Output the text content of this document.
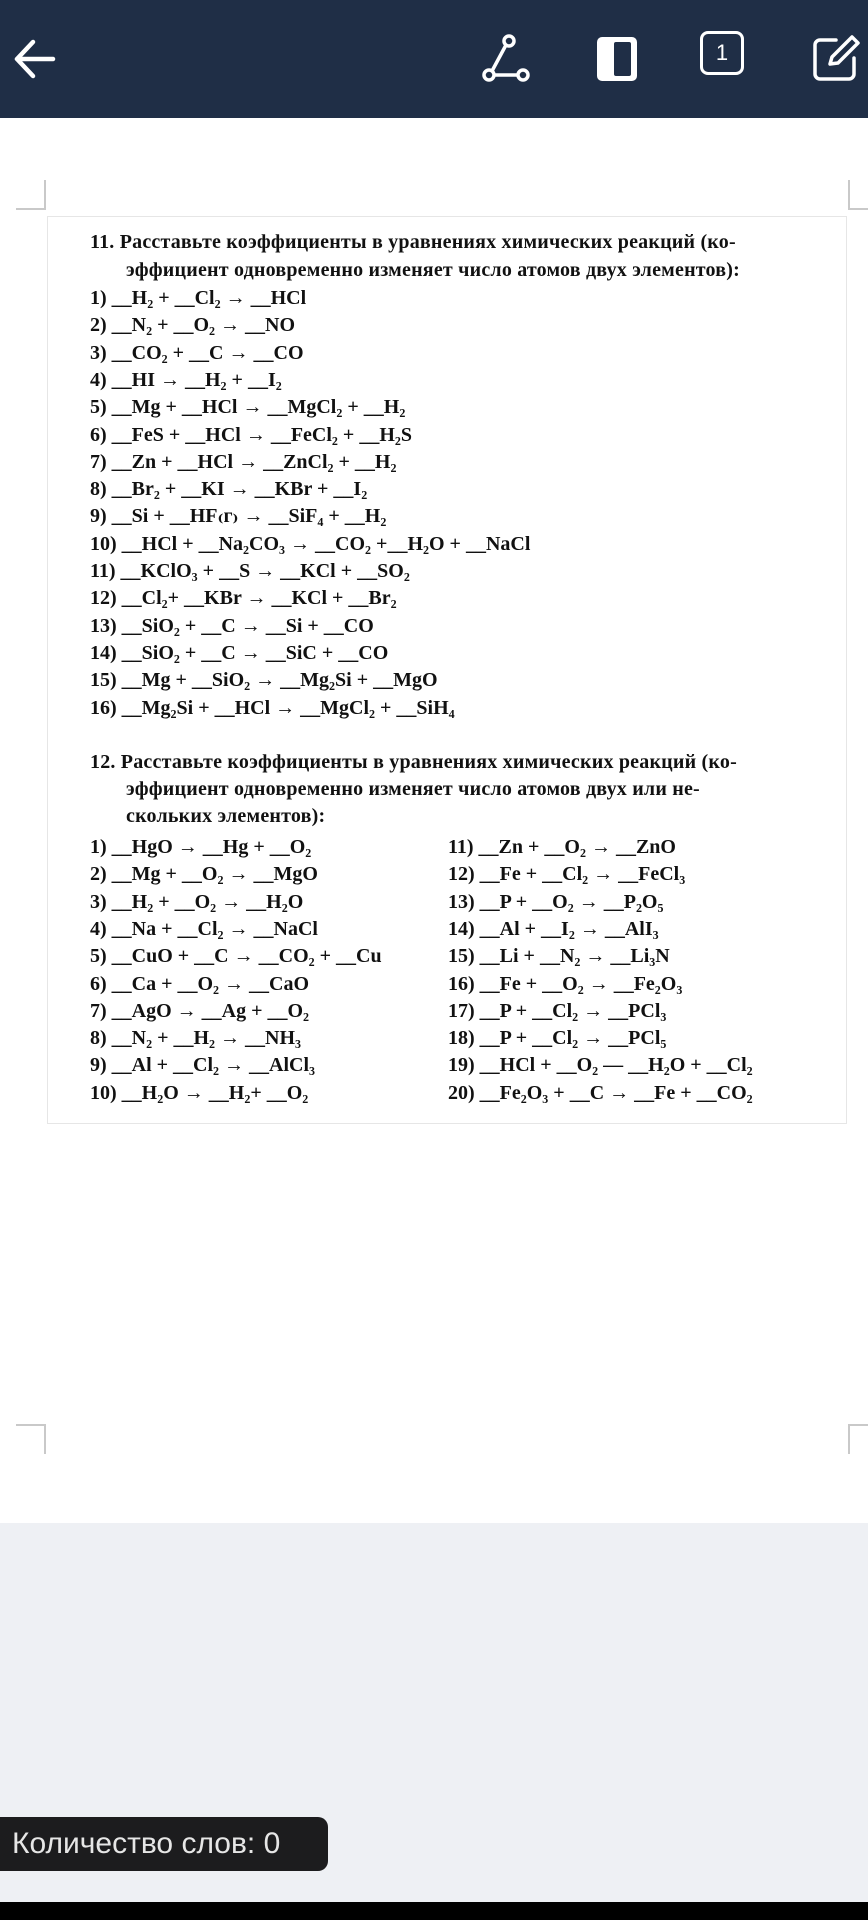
1
11. Расставьте коэффициенты в уравнениях химических реакций (ко-
эффициент одновременно изменяет число атомов двух элементов):
1) __H₂ + __Cl₂ → __HCl
2) __N₂ + __O₂ → __NO
3) __CO₂ + __C → __CO
4) __HI → __H₂ + __I₂
5) __Mg + __HCl → __MgCl₂ + __H₂
6) __FeS + __HCl → __FeCl₂ + __H₂S
7) __Zn + __HCl → __ZnCl₂ + __H₂
8) __Br₂ + __KI → __KBr + __I₂
9) __Si + __HF₍г₎ → __SiF₄ + __H₂
10) __HCl + __Na₂CO₃ → __CO₂ +__H₂O + __NaCl
11) __KClO₃ + __S → __KCl + __SO₂
12) __Cl₂+ __KBr → __KCl + __Br₂
13) __SiO₂ + __C → __Si + __CO
14) __SiO₂ + __C → __SiC + __CO
15) __Mg + __SiO₂ → __Mg₂Si + __MgO
16) __Mg₂Si + __HCl → __MgCl₂ + __SiH₄
12. Расставьте коэффициенты в уравнениях химических реакций (ко-
эффициент одновременно изменяет число атомов двух или не-
скольких элементов):
1) __HgO → __Hg + __O₂
2) __Mg + __O₂ → __MgO
3) __H₂ + __O₂ → __H₂O
4) __Na + __Cl₂ → __NaCl
5) __CuO + __C → __CO₂ + __Cu
6) __Ca + __O₂ → __CaO
7) __AgO → __Ag + __O₂
8) __N₂ + __H₂ → __NH₃
9) __Al + __Cl₂ → __AlCl₃
10) __H₂O → __H₂+ __O₂
11) __Zn + __O₂ → __ZnO
12) __Fe + __Cl₂ → __FeCl₃
13) __P + __O₂ → __P₂O₅
14) __Al + __I₂ → __AlI₃
15) __Li + __N₂ → __Li₃N
16) __Fe + __O₂ → __Fe₂O₃
17) __P + __Cl₂ → __PCl₃
18) __P + __Cl₂ → __PCl₅
19) __HCl + __O₂ — __H₂O + __Cl₂
20) __Fe₂O₃ + __C → __Fe + __CO₂
Количество слов: 0
